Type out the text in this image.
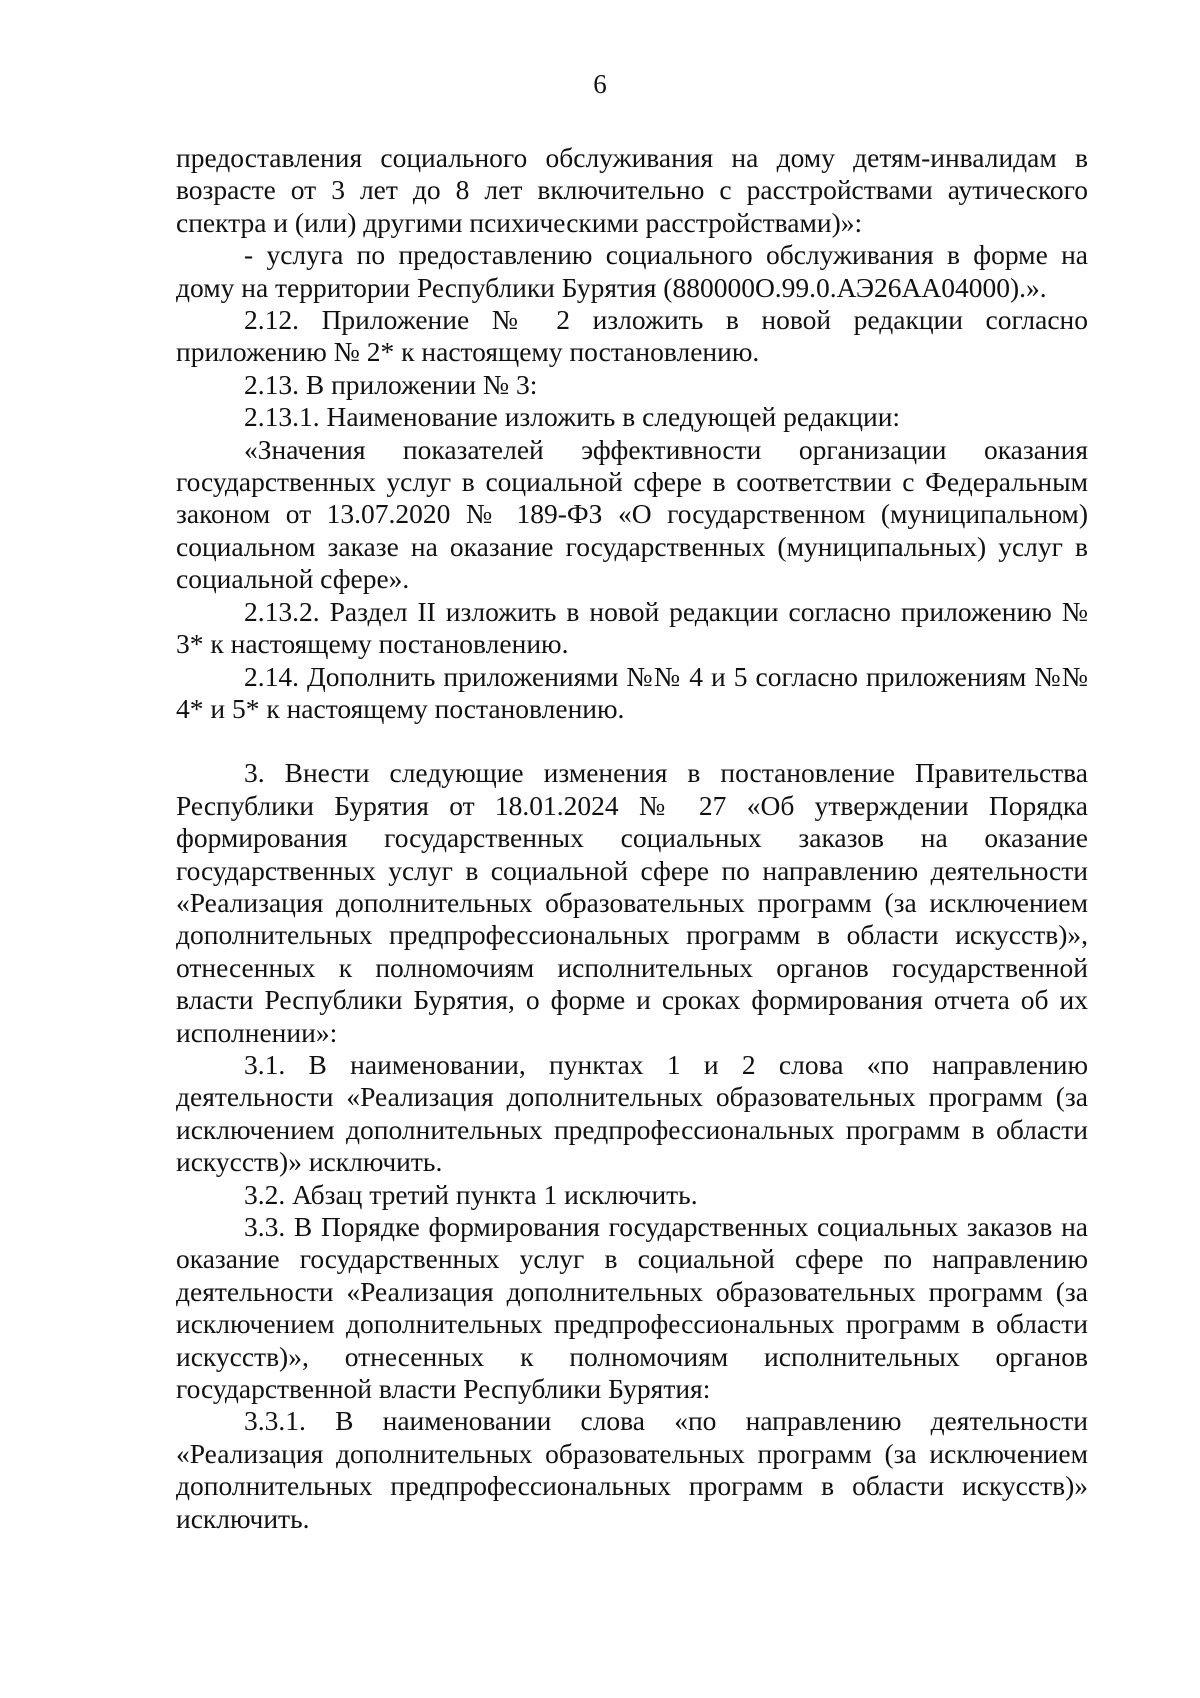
6

предоставления социального обслуживания на дому детям-инвалидам в возрасте от 3 лет до 8 лет включительно с расстройствами аутического спектра и (или) другими психическими расстройствами)»:

- услуга по предоставлению социального обслуживания в форме на дому на территории Республики Бурятия (880000О.99.0.АЭ26АА04000).».

2.12. Приложение № 2 изложить в новой редакции согласно приложению № 2* к настоящему постановлению.

2.13. В приложении № 3:

2.13.1. Наименование изложить в следующей редакции:

«Значения показателей эффективности организации оказания государственных услуг в социальной сфере в соответствии с Федеральным законом от 13.07.2020 № 189-ФЗ «О государственном (муниципальном) социальном заказе на оказание государственных (муниципальных) услуг в социальной сфере».

2.13.2. Раздел II изложить в новой редакции согласно приложению № 3* к настоящему постановлению.

2.14. Дополнить приложениями №№ 4 и 5 согласно приложениям №№ 4* и 5* к настоящему постановлению.

3. Внести следующие изменения в постановление Правительства Республики Бурятия от 18.01.2024 № 27 «Об утверждении Порядка формирования государственных социальных заказов на оказание государственных услуг в социальной сфере по направлению деятельности «Реализация дополнительных образовательных программ (за исключением дополнительных предпрофессиональных программ в области искусств)», отнесенных к полномочиям исполнительных органов государственной власти Республики Бурятия, о форме и сроках формирования отчета об их исполнении»:

3.1. В наименовании, пунктах 1 и 2 слова «по направлению деятельности «Реализация дополнительных образовательных программ (за исключением дополнительных предпрофессиональных программ в области искусств)» исключить.

3.2. Абзац третий пункта 1 исключить.

3.3. В Порядке формирования государственных социальных заказов на оказание государственных услуг в социальной сфере по направлению деятельности «Реализация дополнительных образовательных программ (за исключением дополнительных предпрофессиональных программ в области искусств)», отнесенных к полномочиям исполнительных органов государственной власти Республики Бурятия:

3.3.1. В наименовании слова «по направлению деятельности «Реализация дополнительных образовательных программ (за исключением дополнительных предпрофессиональных программ в области искусств)» исключить.
